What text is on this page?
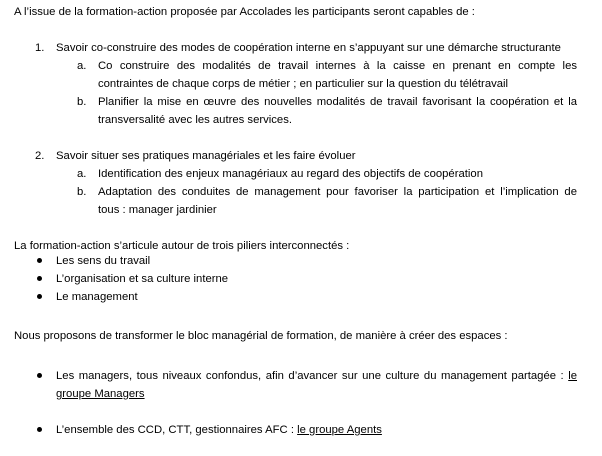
A l’issue de la formation-action proposée par Accolades les participants seront capables de :
1. Savoir co-construire des modes de coopération interne en s’appuyant sur une démarche structurante
a. Co construire des modalités de travail internes à la caisse en prenant en compte les
contraintes de chaque corps de métier ; en particulier sur la question du télétravail
b. Planifier la mise en œuvre des nouvelles modalités de travail favorisant la coopération et la
transversalité avec les autres services.
2. Savoir situer ses pratiques managériales et les faire évoluer
a. Identification des enjeux managériaux au regard des objectifs de coopération
b. Adaptation des conduites de management pour favoriser la participation et l’implication de
tous : manager jardinier
La formation-action s’articule autour de trois piliers interconnectés :
Les sens du travail
L’organisation et sa culture interne
Le management
Nous proposons de transformer le bloc managérial de formation, de manière à créer des espaces :
Les managers, tous niveaux confondus, afin d’avancer sur une culture du management partagée : le
groupe Managers
L’ensemble des CCD, CTT, gestionnaires AFC : le groupe Agents
